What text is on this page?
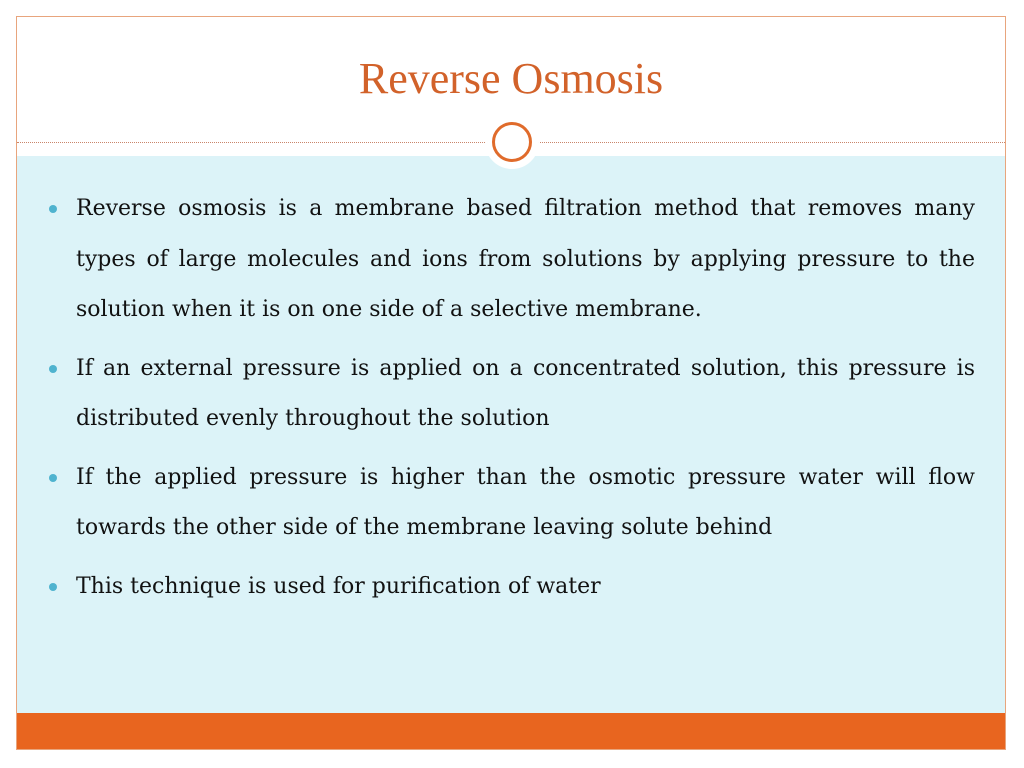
Reverse Osmosis
Reverse osmosis is a membrane based filtration method that removes many types of large molecules and ions from solutions by applying pressure to the solution when it is on one side of a selective membrane.
If an external pressure is applied on a concentrated solution, this pressure is distributed evenly throughout the solution
If the applied pressure is higher than the osmotic pressure water will flow towards the other side of the membrane leaving solute behind
This technique is used for purification of water
